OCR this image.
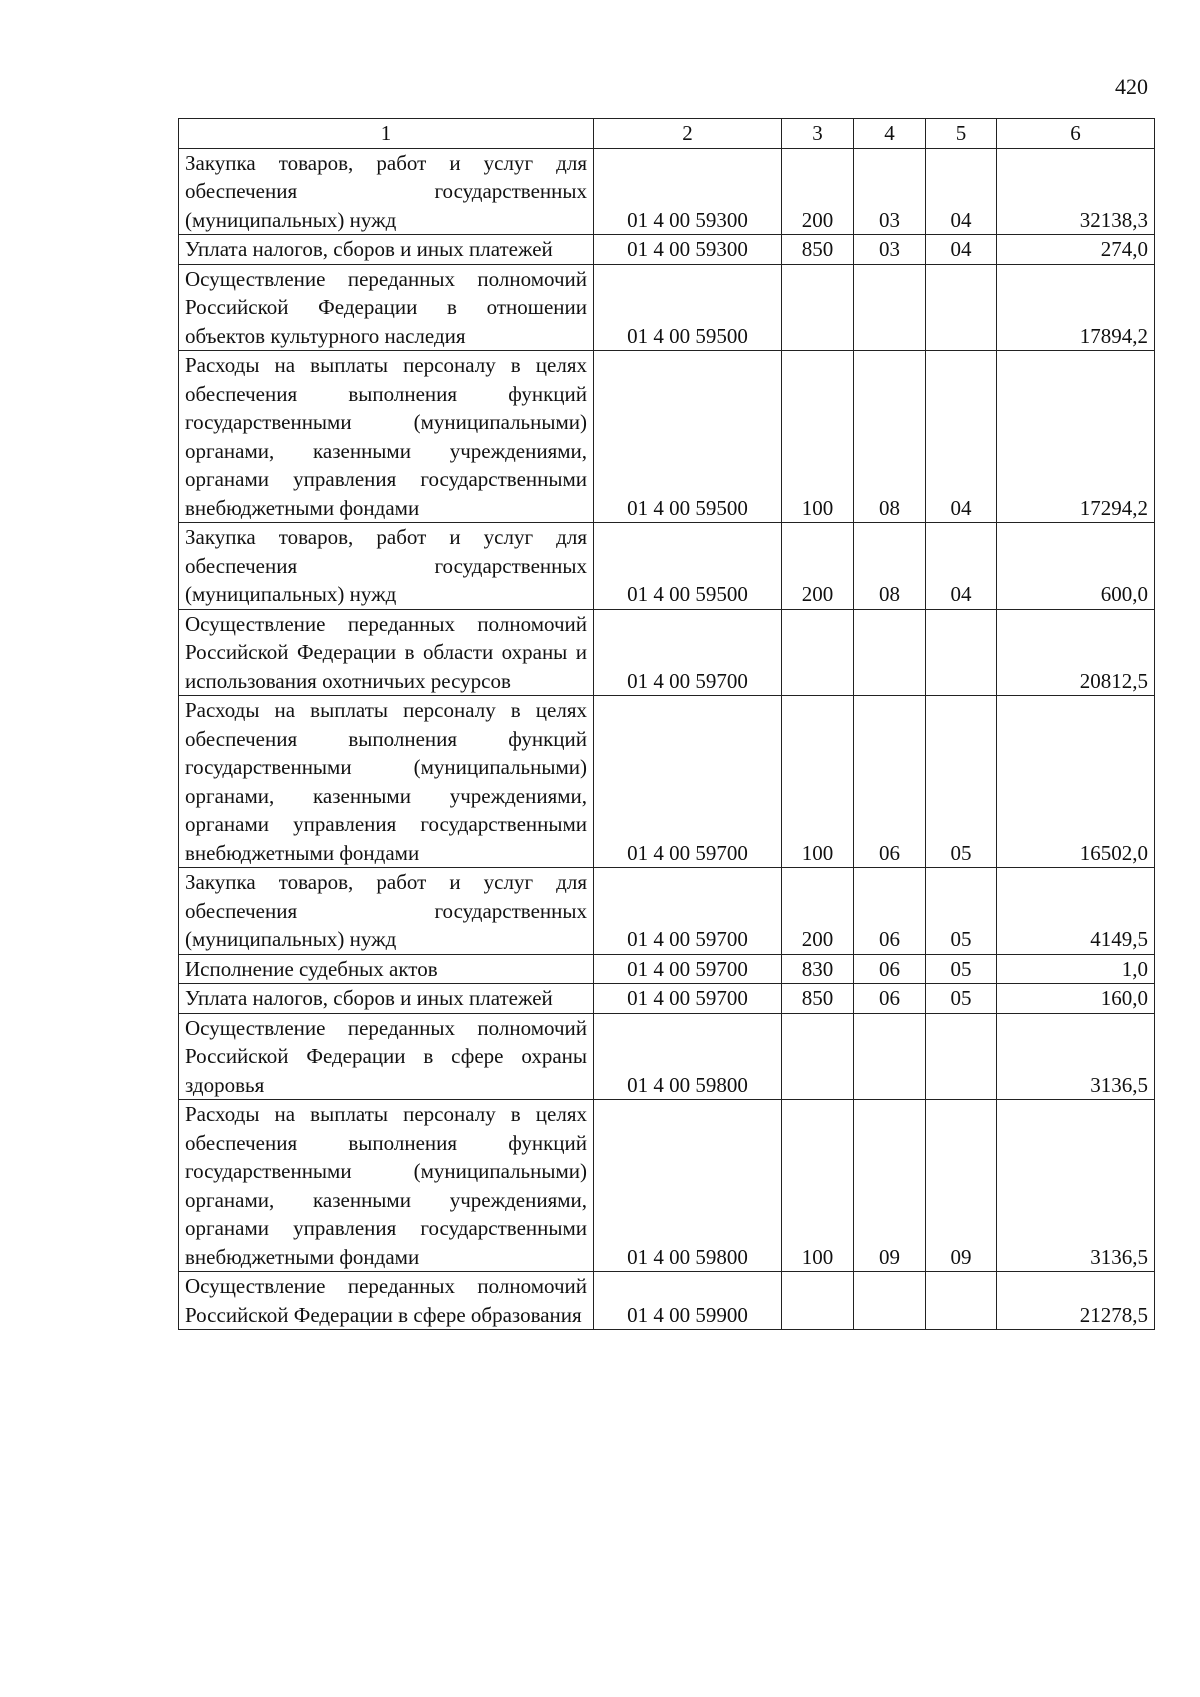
420
1	2	3	4	5	6
Закупка товаров, работ и услуг для обеспечения государственных (муниципальных) нужд	01 4 00 59300	200	03	04	32138,3
Уплата налогов, сборов и иных платежей	01 4 00 59300	850	03	04	274,0
Осуществление переданных полномочий Российской Федерации в отношении объектов культурного наследия	01 4 00 59500				17894,2
Расходы на выплаты персоналу в целях обеспечения выполнения функций государственными (муниципальными) органами, казенными учреждениями, органами управления государственными внебюджетными фондами	01 4 00 59500	100	08	04	17294,2
Закупка товаров, работ и услуг для обеспечения государственных (муниципальных) нужд	01 4 00 59500	200	08	04	600,0
Осуществление переданных полномочий Российской Федерации в области охраны и использования охотничьих ресурсов	01 4 00 59700				20812,5
Расходы на выплаты персоналу в целях обеспечения выполнения функций государственными (муниципальными) органами, казенными учреждениями, органами управления государственными внебюджетными фондами	01 4 00 59700	100	06	05	16502,0
Закупка товаров, работ и услуг для обеспечения государственных (муниципальных) нужд	01 4 00 59700	200	06	05	4149,5
Исполнение судебных актов	01 4 00 59700	830	06	05	1,0
Уплата налогов, сборов и иных платежей	01 4 00 59700	850	06	05	160,0
Осуществление переданных полномочий Российской Федерации в сфере охраны здоровья	01 4 00 59800				3136,5
Расходы на выплаты персоналу в целях обеспечения выполнения функций государственными (муниципальными) органами, казенными учреждениями, органами управления государственными внебюджетными фондами	01 4 00 59800	100	09	09	3136,5
Осуществление переданных полномочий Российской Федерации в сфере образования	01 4 00 59900				21278,5
